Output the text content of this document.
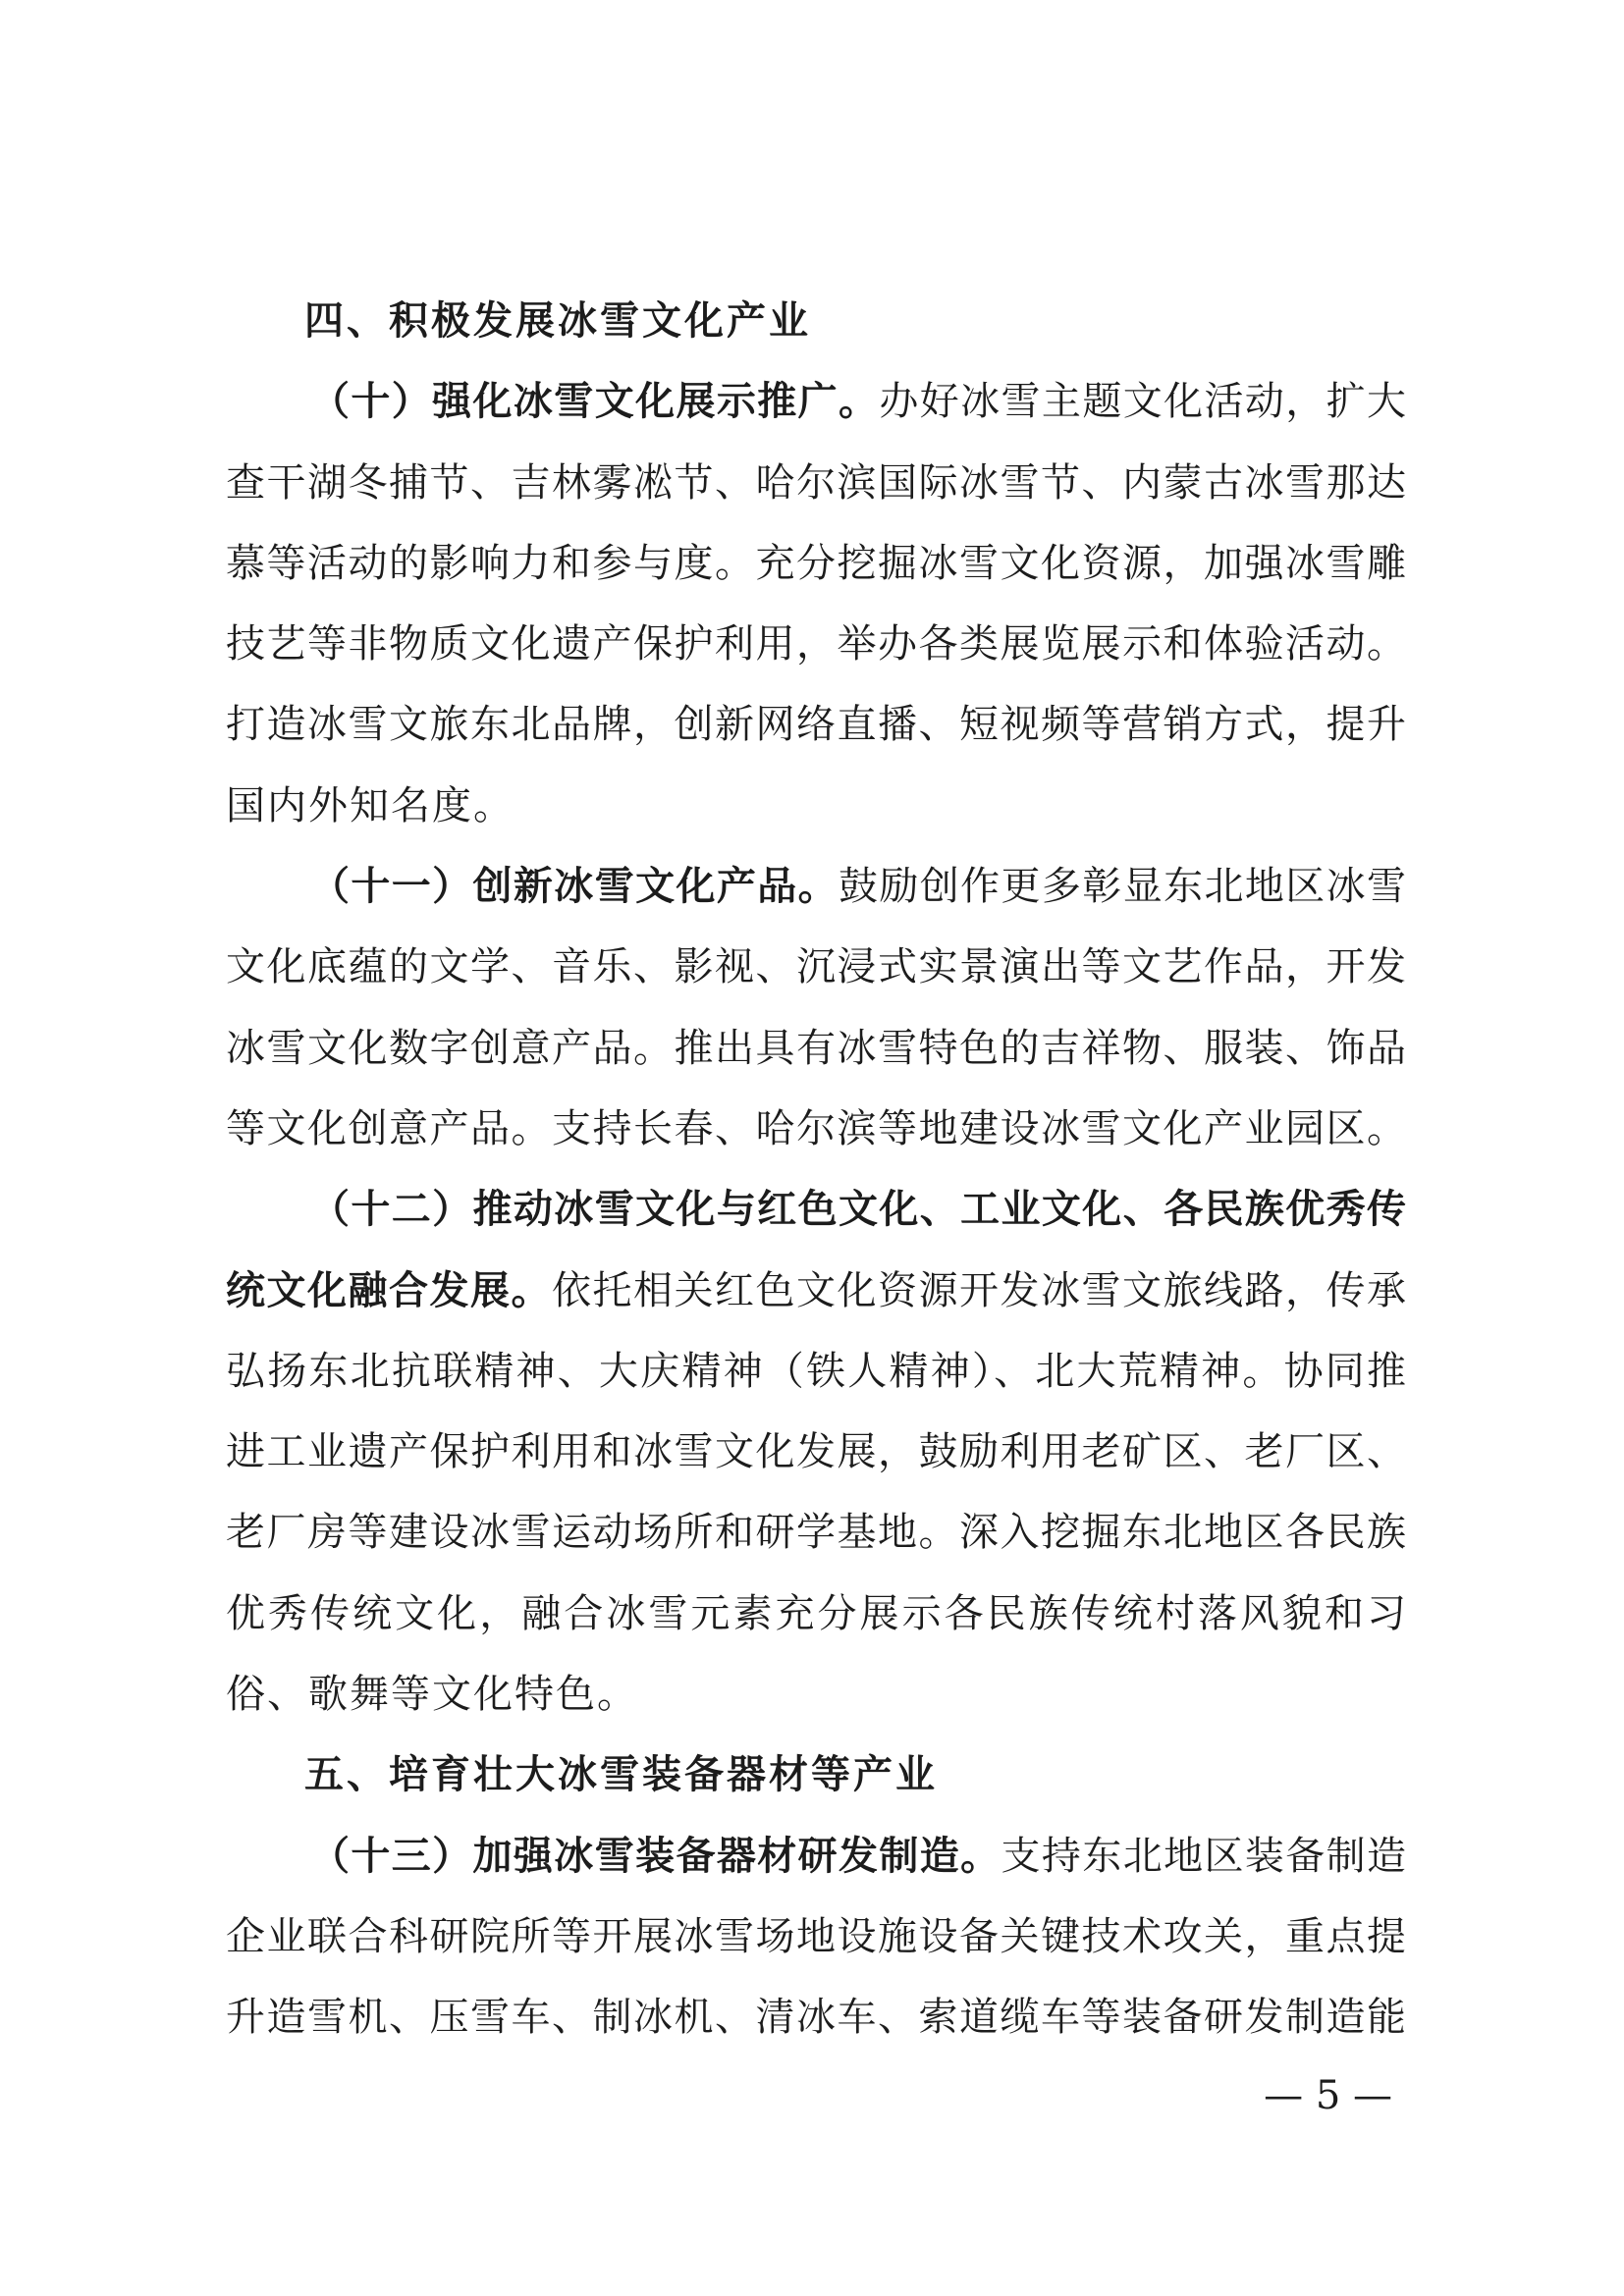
四、积极发展冰雪文化产业
（十）强化冰雪文化展示推广。办好冰雪主题文化活动，扩大
查干湖冬捕节、吉林雾凇节、哈尔滨国际冰雪节、内蒙古冰雪那达
慕等活动的影响力和参与度。充分挖掘冰雪文化资源，加强冰雪雕
技艺等非物质文化遗产保护利用，举办各类展览展示和体验活动。
打造冰雪文旅东北品牌，创新网络直播、短视频等营销方式，提升
国内外知名度。
（十一）创新冰雪文化产品。鼓励创作更多彰显东北地区冰雪
文化底蕴的文学、音乐、影视、沉浸式实景演出等文艺作品，开发
冰雪文化数字创意产品。推出具有冰雪特色的吉祥物、服装、饰品
等文化创意产品。支持长春、哈尔滨等地建设冰雪文化产业园区。
（十二）推动冰雪文化与红色文化、工业文化、各民族优秀传
统文化融合发展。依托相关红色文化资源开发冰雪文旅线路，传承
弘扬东北抗联精神、大庆精神（铁人精神）、北大荒精神。协同推
进工业遗产保护利用和冰雪文化发展，鼓励利用老矿区、老厂区、
老厂房等建设冰雪运动场所和研学基地。深入挖掘东北地区各民族
优秀传统文化，融合冰雪元素充分展示各民族传统村落风貌和习
俗、歌舞等文化特色。
五、培育壮大冰雪装备器材等产业
（十三）加强冰雪装备器材研发制造。支持东北地区装备制造
企业联合科研院所等开展冰雪场地设施设备关键技术攻关，重点提
升造雪机、压雪车、制冰机、清冰车、索道缆车等装备研发制造能
— 5 —
